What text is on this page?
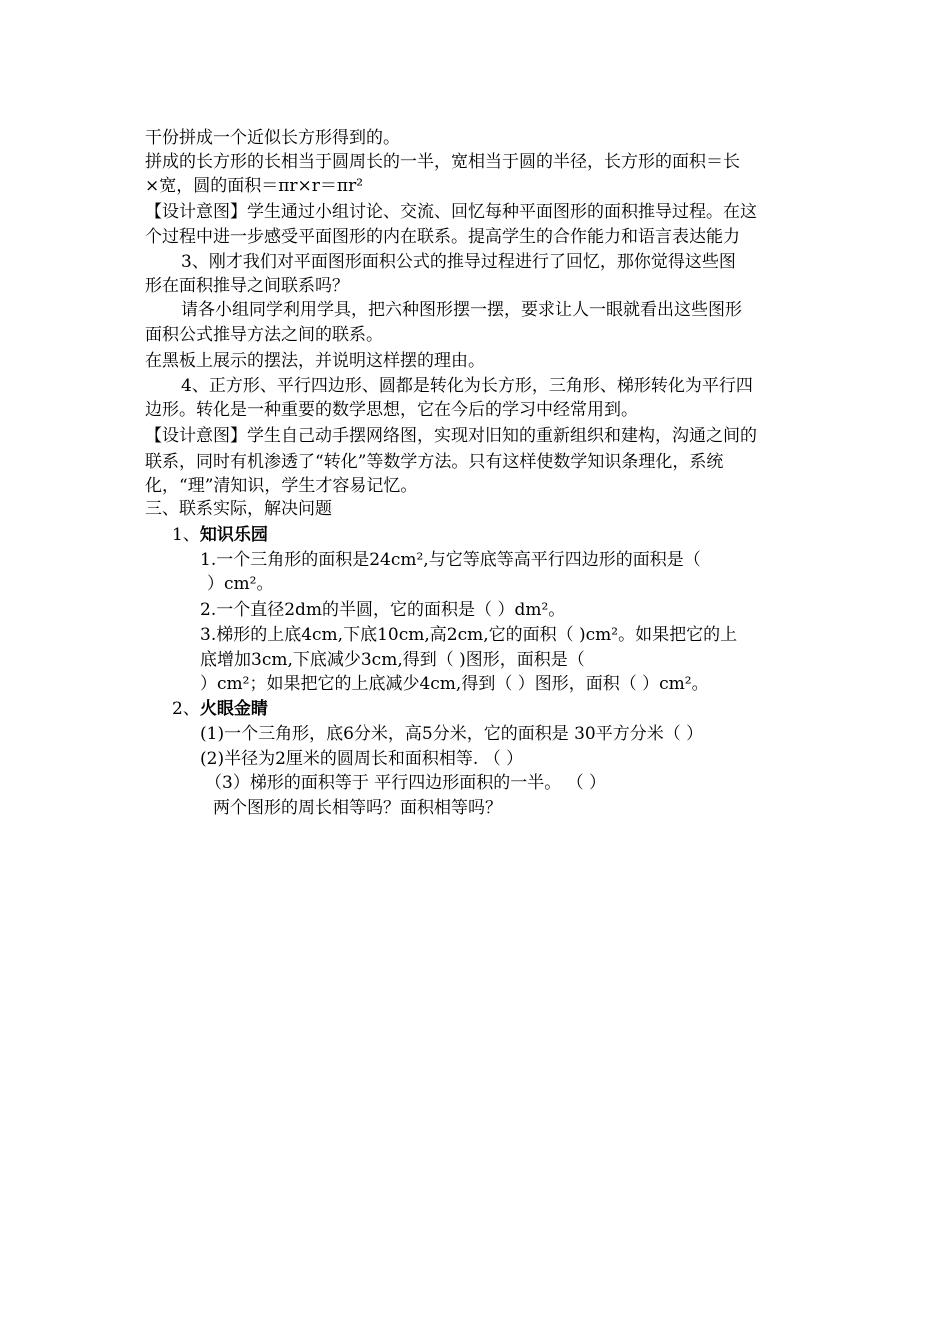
干份拼成一个近似长方形得到的。
拼成的长方形的长相当于圆周长的一半，宽相当于圆的半径，长方形的面积＝长
×宽，圆的面积＝πr×r＝πr²
【设计意图】学生通过小组讨论、交流、回忆每种平面图形的面积推导过程。在这
个过程中进一步感受平面图形的内在联系。提高学生的合作能力和语言表达能力
3、刚才我们对平面图形面积公式的推导过程进行了回忆，那你觉得这些图
形在面积推导之间联系吗？
请各小组同学利用学具，把六种图形摆一摆，要求让人一眼就看出这些图形
面积公式推导方法之间的联系。
在黑板上展示的摆法，并说明这样摆的理由。
4、正方形、平行四边形、圆都是转化为长方形，三角形、梯形转化为平行四
边形。转化是一种重要的数学思想，它在今后的学习中经常用到。
【设计意图】学生自己动手摆网络图，实现对旧知的重新组织和建构，沟通之间的
联系，同时有机渗透了“转化”等数学方法。只有这样使数学知识条理化，系统
化，“理”清知识，学生才容易记忆。
三、联系实际，解决问题
1、知识乐园
1.一个三角形的面积是24cm²,与它等底等高平行四边形的面积是（
）cm²。
2.一个直径2dm的半圆，它的面积是（ ）dm²。
3.梯形的上底4cm,下底10cm,高2cm,它的面积（ )cm²。如果把它的上
底增加3cm,下底减少3cm,得到（ )图形，面积是（
）cm²；如果把它的上底减少4cm,得到（ ）图形，面积（ ）cm²。
2、火眼金睛
(1)一个三角形，底6分米，高5分米，它的面积是 30平方分米（ ）
(2)半径为2厘米的圆周长和面积相等. （ ）
（3）梯形的面积等于 平行四边形面积的一半。 （ ）
两个图形的周长相等吗？面积相等吗？
